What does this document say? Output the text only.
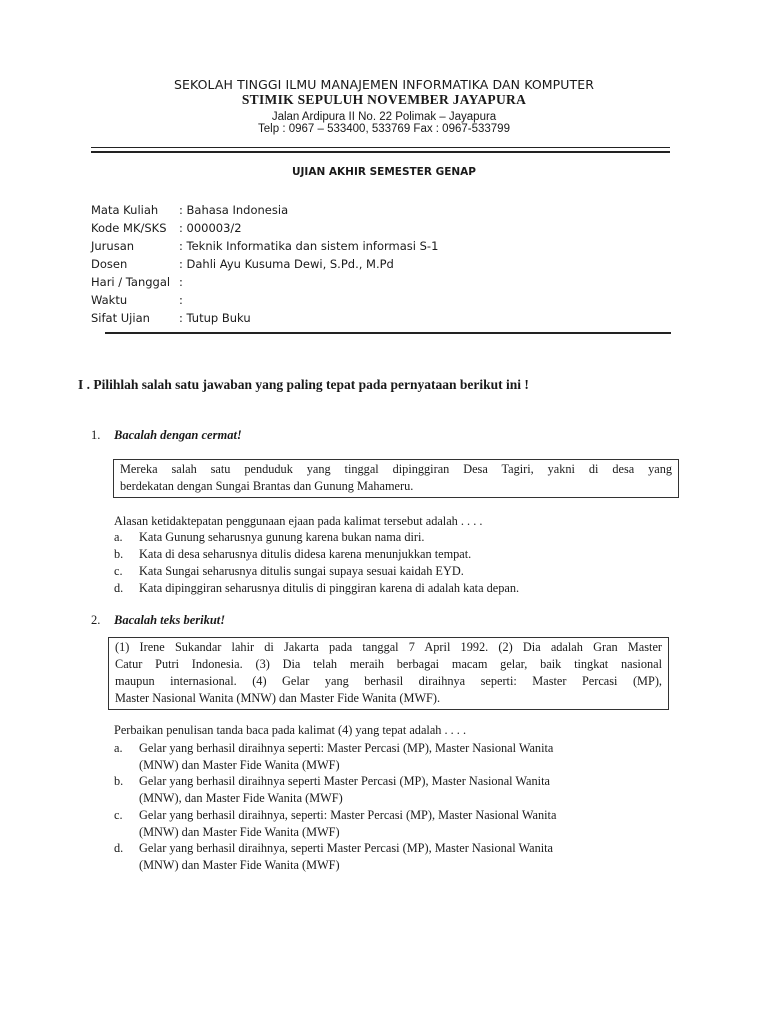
SEKOLAH TINGGI ILMU MANAJEMEN INFORMATIKA DAN KOMPUTER
STIMIK SEPULUH NOVEMBER JAYAPURA
Jalan Ardipura II No. 22 Polimak – Jayapura
Telp : 0967 – 533400, 533769 Fax : 0967-533799
UJIAN AKHIR SEMESTER GENAP
Mata Kuliah : Bahasa Indonesia
Kode MK/SKS : 000003/2
Jurusan	: Teknik Informatika dan sistem informasi S-1
Dosen	: Dahli Ayu Kusuma Dewi, S.Pd., M.Pd
Hari / Tanggal :
Waktu	:
Sifat Ujian	: Tutup Buku
I . Pilihlah salah satu jawaban yang paling tepat pada pernyataan berikut ini !
1. Bacalah dengan cermat!
Mereka salah satu penduduk yang tinggal dipinggiran Desa Tagiri, yakni di desa yang
berdekatan dengan Sungai Brantas dan Gunung Mahameru.
Alasan ketidaktepatan penggunaan ejaan pada kalimat tersebut adalah . . . .
a. Kata Gunung seharusnya gunung karena bukan nama diri.
b. Kata di desa seharusnya ditulis didesa karena menunjukkan tempat.
c. Kata Sungai seharusnya ditulis sungai supaya sesuai kaidah EYD.
d. Kata dipinggiran seharusnya ditulis di pinggiran karena di adalah kata depan.
2. Bacalah teks berikut!
(1) Irene Sukandar lahir di Jakarta pada tanggal 7 April 1992. (2) Dia adalah Gran Master
Catur Putri Indonesia. (3) Dia telah meraih berbagai macam gelar, baik tingkat nasional
maupun internasional. (4) Gelar yang berhasil diraihnya seperti: Master Percasi (MP),
Master Nasional Wanita (MNW) dan Master Fide Wanita (MWF).
Perbaikan penulisan tanda baca pada kalimat (4) yang tepat adalah . . . .
a. Gelar yang berhasil diraihnya seperti: Master Percasi (MP), Master Nasional Wanita
(MNW) dan Master Fide Wanita (MWF)
b. Gelar yang berhasil diraihnya seperti Master Percasi (MP), Master Nasional Wanita
(MNW), dan Master Fide Wanita (MWF)
c. Gelar yang berhasil diraihnya, seperti: Master Percasi (MP), Master Nasional Wanita
(MNW) dan Master Fide Wanita (MWF)
d. Gelar yang berhasil diraihnya, seperti Master Percasi (MP), Master Nasional Wanita
(MNW) dan Master Fide Wanita (MWF)
